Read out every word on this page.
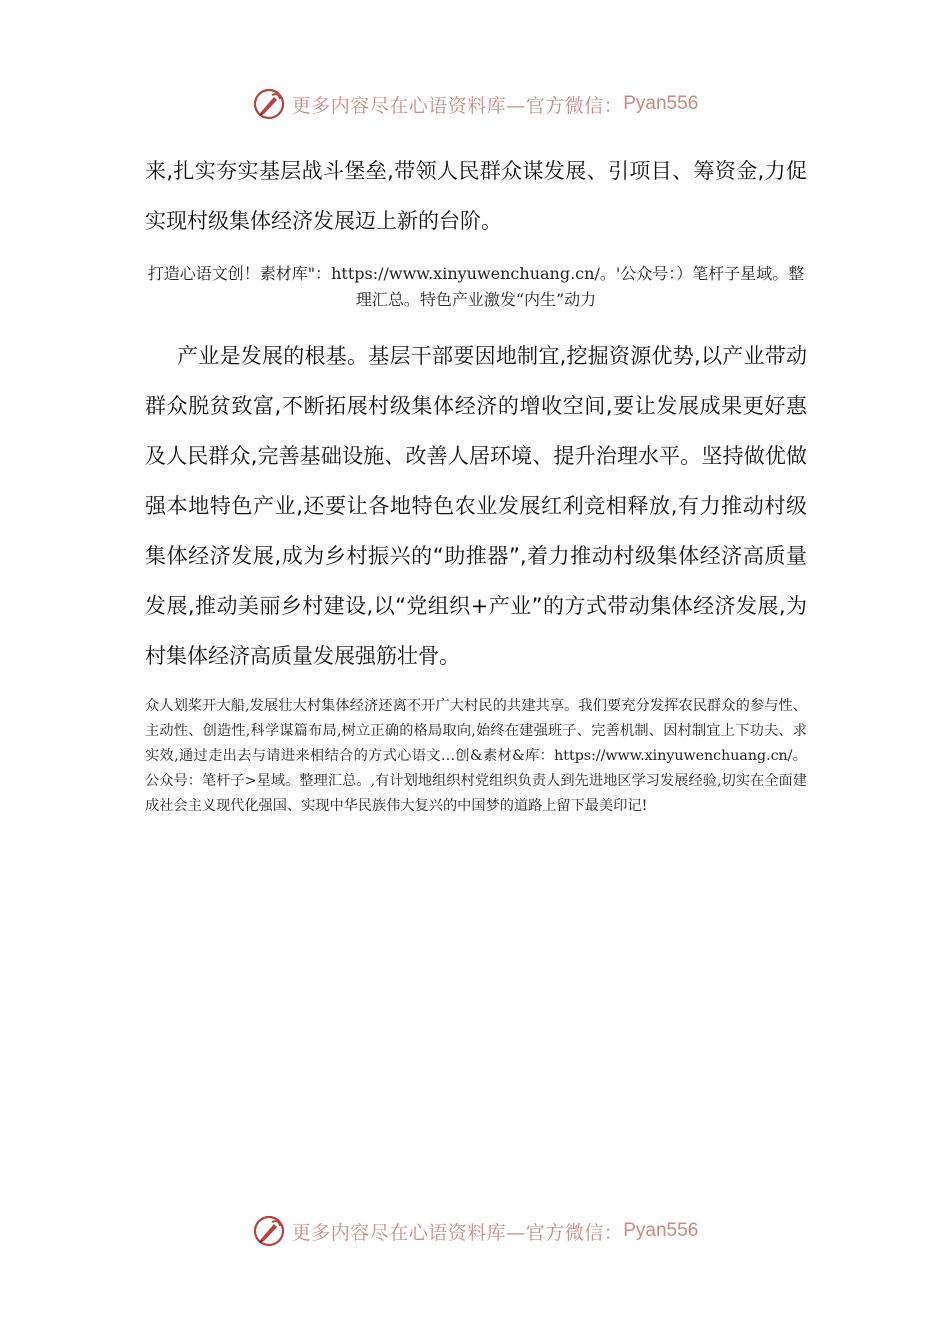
更多内容尽在心语资料库—官方微信： Pyan556

来,扎实夯实基层战斗堡垒,带领人民群众谋发展、引项目、筹资金,力促实现村级集体经济发展迈上新的台阶。

打造心语文创！素材库"：https://www.xinyuwenchuang.cn/。'公众号：）笔杆子星域。整理汇总。特色产业激发“内生”动力

产业是发展的根基。基层干部要因地制宜,挖掘资源优势,以产业带动群众脱贫致富,不断拓展村级集体经济的增收空间,要让发展成果更好惠及人民群众,完善基础设施、改善人居环境、提升治理水平。坚持做优做强本地特色产业,还要让各地特色农业发展红利竞相释放,有力推动村级集体经济发展,成为乡村振兴的“助推器”,着力推动村级集体经济高质量发展,推动美丽乡村建设,以“党组织+产业”的方式带动集体经济发展,为村集体经济高质量发展强筋壮骨。

众人划桨开大船,发展壮大村集体经济还离不开广大村民的共建共享。我们要充分发挥农民群众的参与性、主动性、创造性,科学谋篇布局,树立正确的格局取向,始终在建强班子、完善机制、因村制宜上下功夫、求实效,通过走出去与请进来相结合的方式心语文…创&素材&库：https://www.xinyuwenchuang.cn/。公众号：笔杆子>星域。整理汇总。,有计划地组织村党组织负责人到先进地区学习发展经验,切实在全面建成社会主义现代化强国、实现中华民族伟大复兴的中国梦的道路上留下最美印记!

更多内容尽在心语资料库—官方微信： Pyan556
